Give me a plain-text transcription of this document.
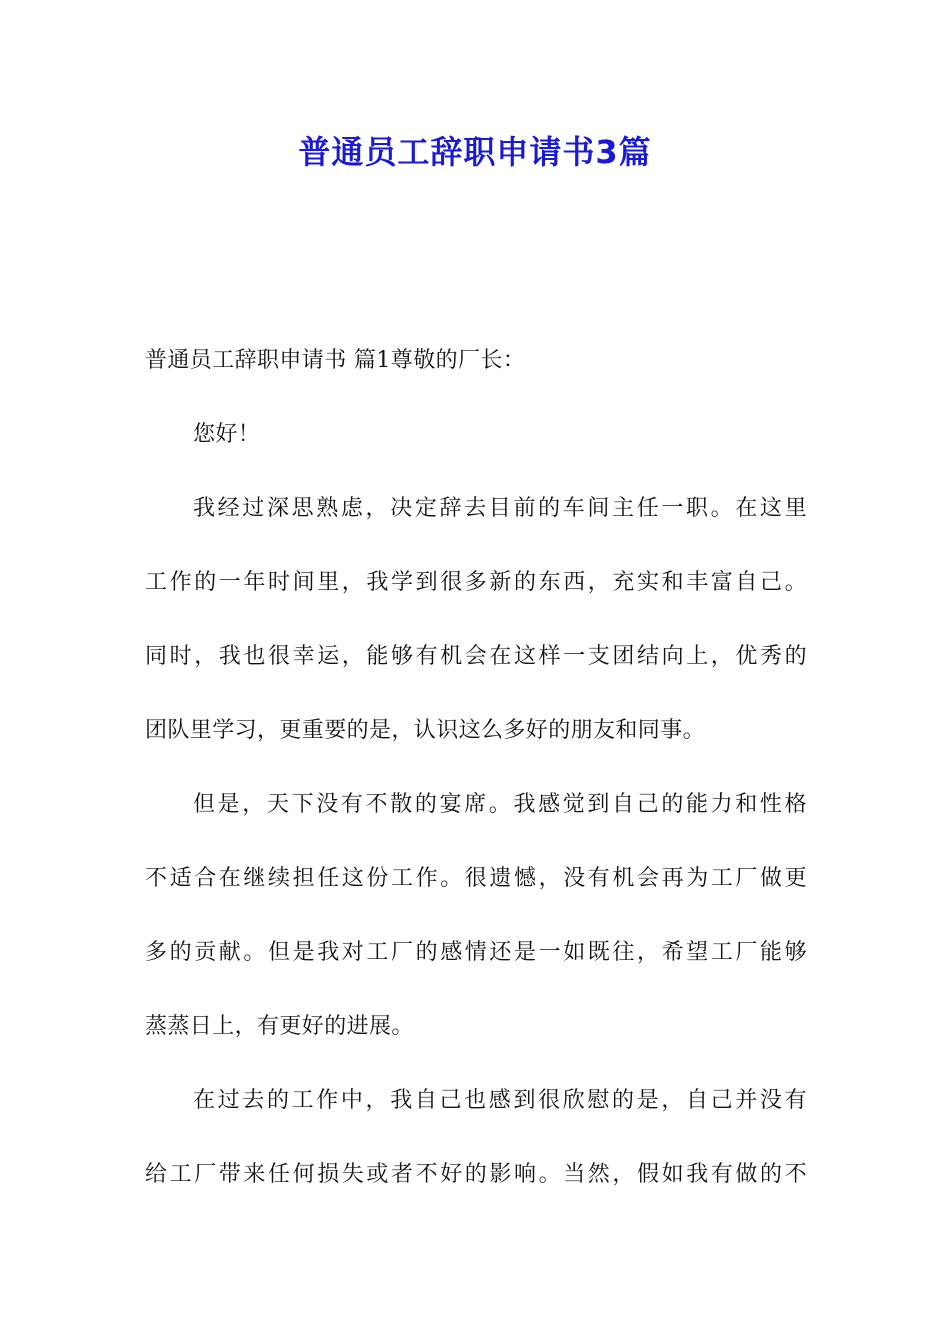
普通员工辞职申请书3篇
普通员工辞职申请书 篇1尊敬的厂长：
您好！
我经过深思熟虑，决定辞去目前的车间主任一职。在这里
工作的一年时间里，我学到很多新的东西，充实和丰富自己。
同时，我也很幸运，能够有机会在这样一支团结向上，优秀的
团队里学习，更重要的是，认识这么多好的朋友和同事。
但是，天下没有不散的宴席。我感觉到自己的能力和性格
不适合在继续担任这份工作。很遗憾，没有机会再为工厂做更
多的贡献。但是我对工厂的感情还是一如既往，希望工厂能够
蒸蒸日上，有更好的进展。
在过去的工作中，我自己也感到很欣慰的是，自己并没有
给工厂带来任何损失或者不好的影响。当然，假如我有做的不
